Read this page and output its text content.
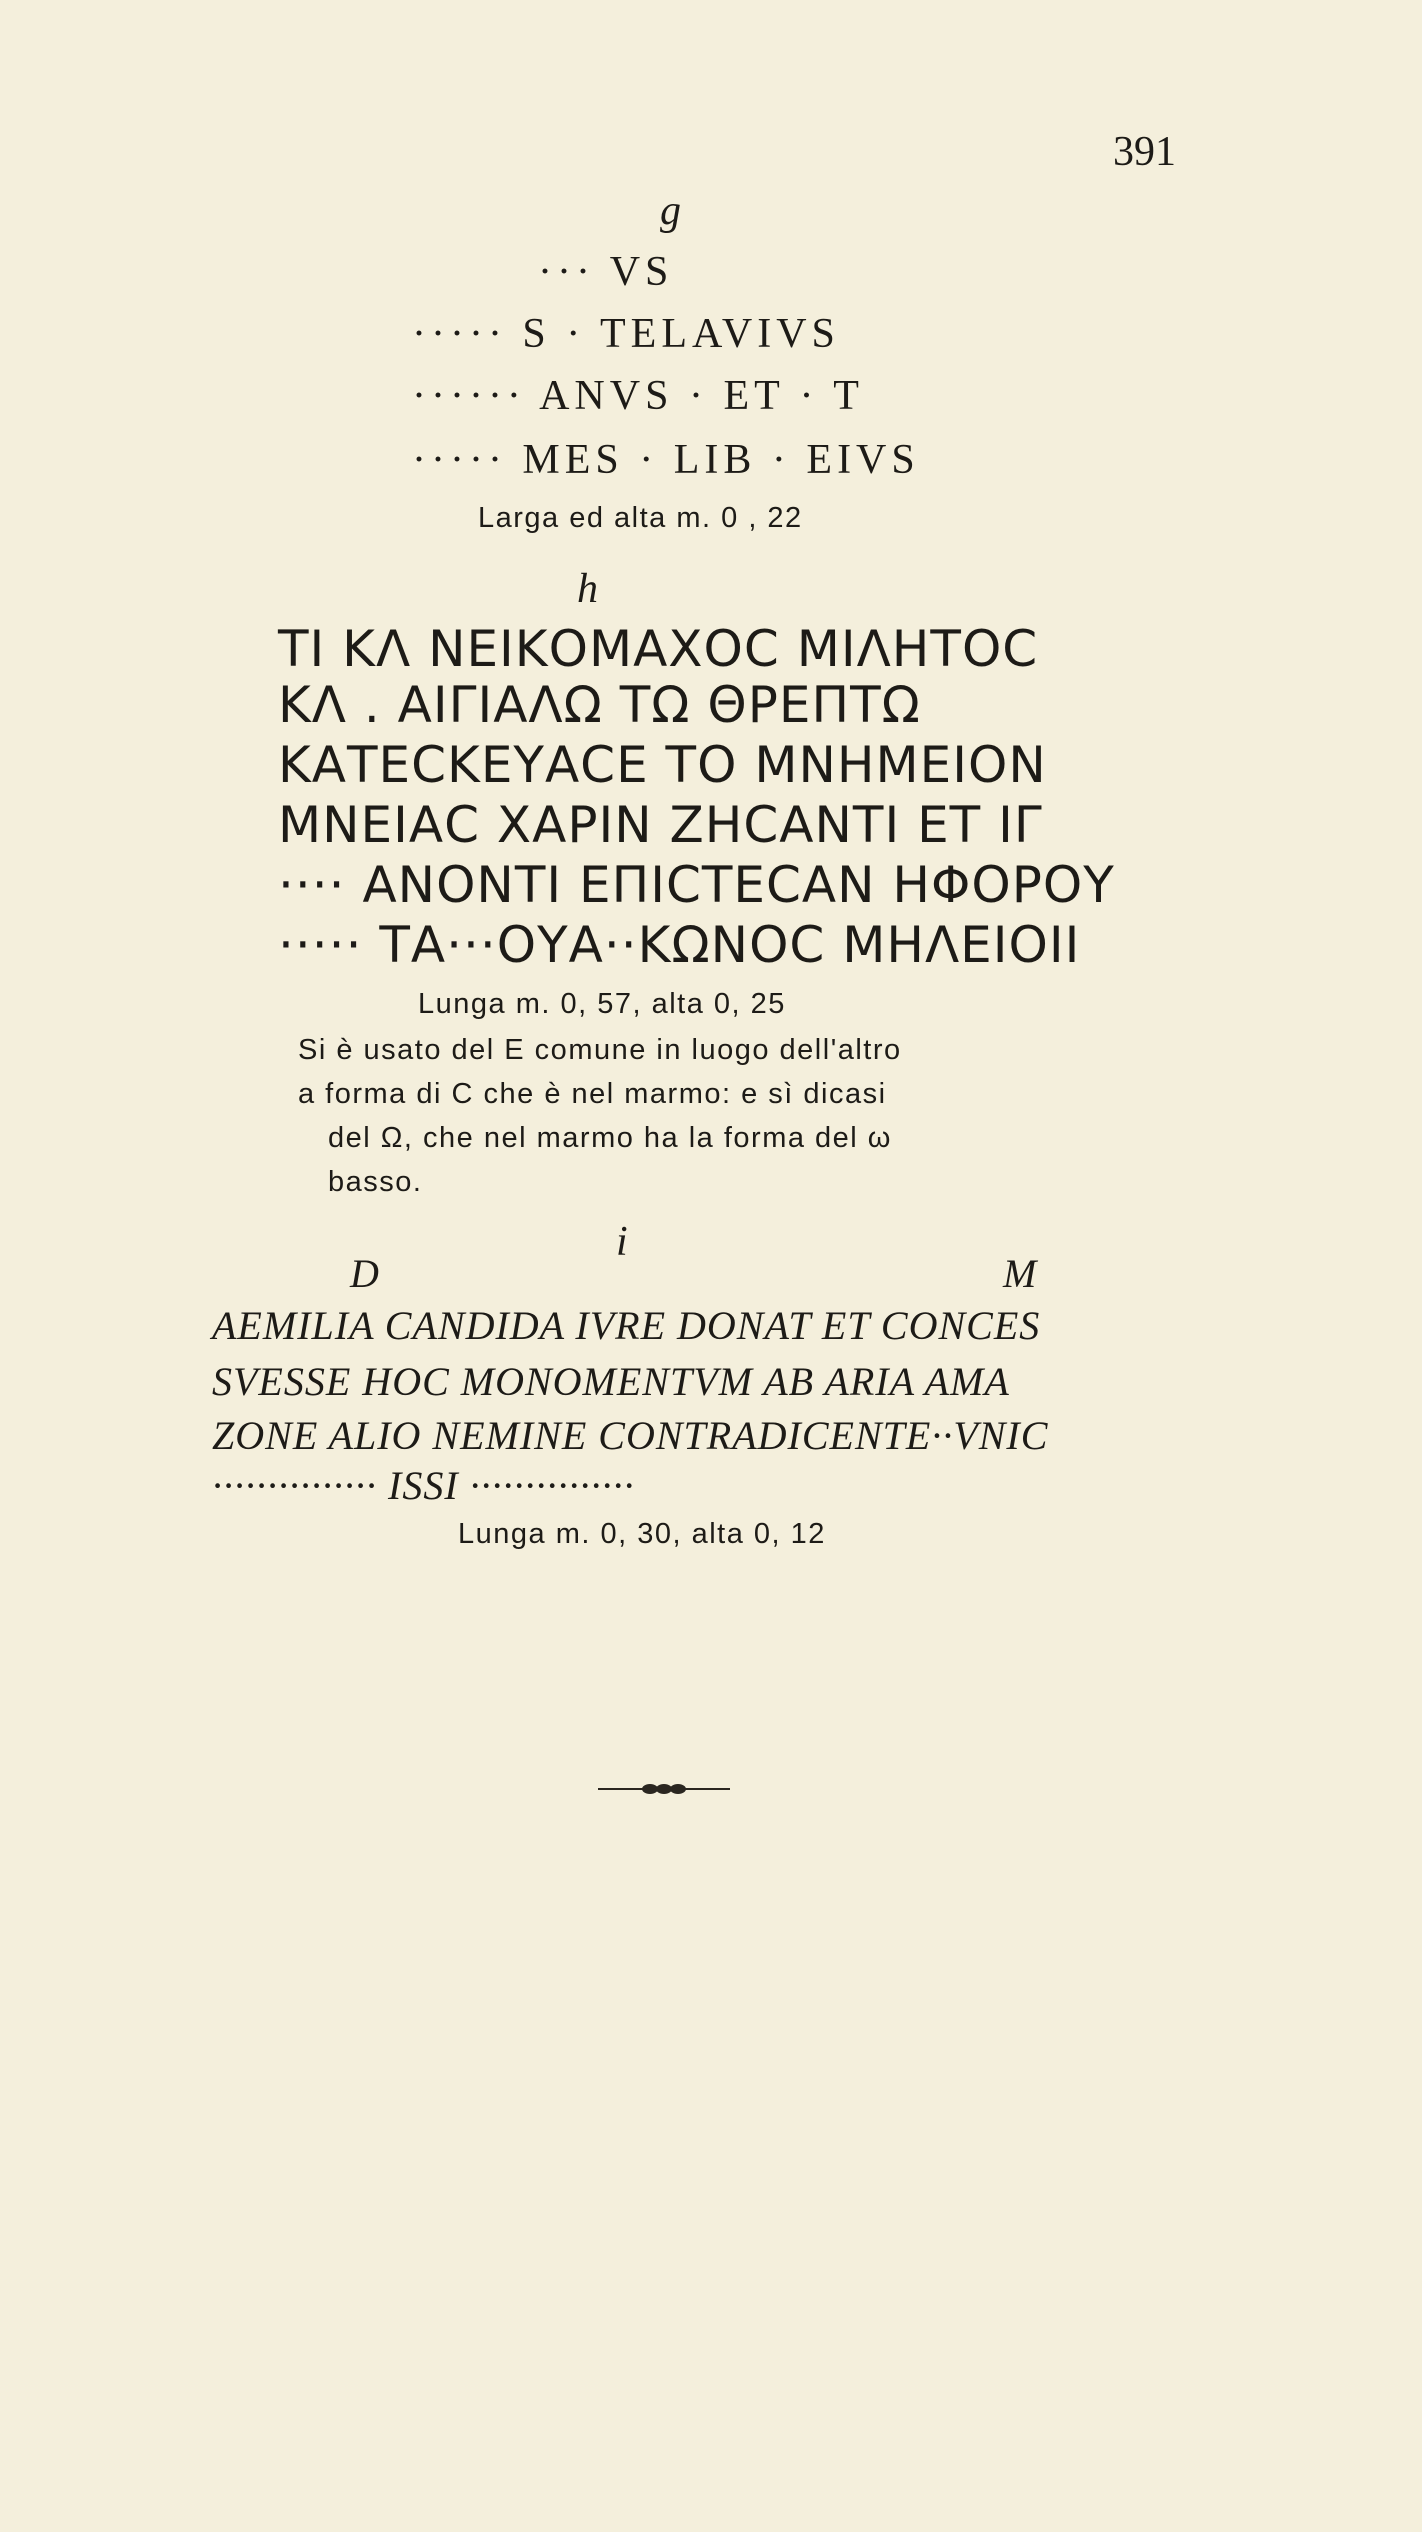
391
g
··· VS
····· S · TELAVIVS
······ ANVS · ET · T
····· MES · LIB · EIVS
Larga ed alta m. 0 , 22
h
TI ΚΛ ΝΕΙΚΟΜΑΧΟC ΜΙΛΗΤΟC
ΚΛ . ΑΙΓΙΑΛΩ ΤΩ ΘΡΕΠΤΩ
ΚΑΤΕCΚΕΥΑCΕ ΤΟ ΜΝΗΜΕΙΟΝ
ΜΝΕΙΑC ΧΑΡΙΝ ΖΗCΑΝΤΙ ΕΤ ΙΓ
···· ΑΝΟΝΤΙ ΕΠΙCΤΕCΑΝ ΗΦΟΡΟΥ
····· ΤΑ···ΟΥΑ··ΚΩΝΟC ΜΗΛΕΙΟΙΙ
Lunga m. 0, 57, alta 0, 25
Si è usato del E comune in luogo dell'altro
a forma di C che è nel marmo: e sì dicasi
del Ω, che nel marmo ha la forma del ω
basso.
i
D	M
AEMILIA CANDIDA IVRE DONAT ET CONCES
SVESSE HOC MONOMENTVM AB ARIA AMA
ZONE ALIO NEMINE CONTRADICENTE··VNIC
··············· ISSI ···············
Lunga m. 0, 30, alta 0, 12
